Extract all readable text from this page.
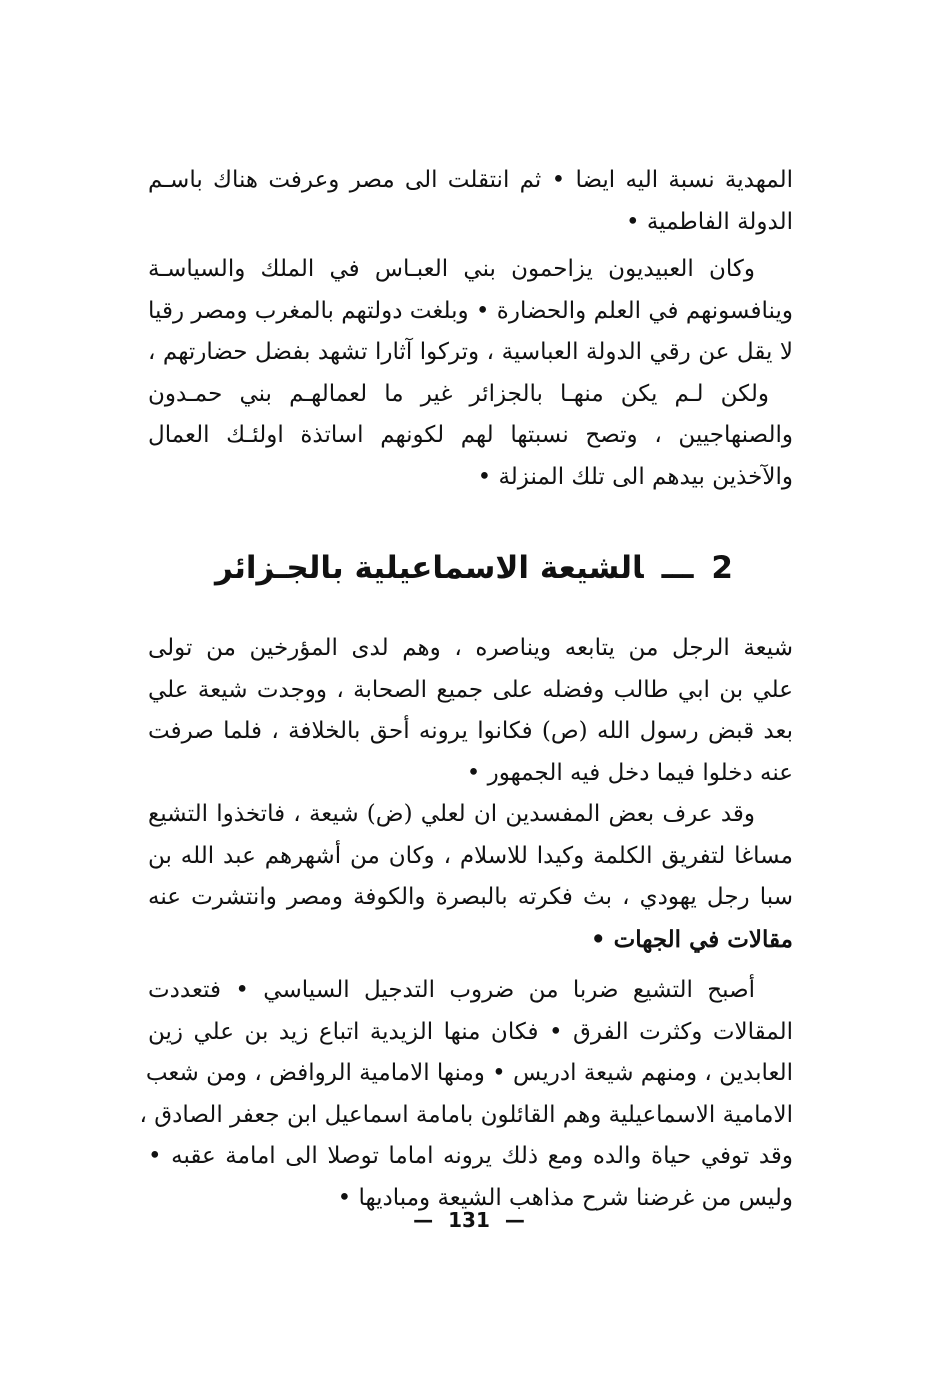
المهدية نسبة اليه ايضا • ثم انتقلت الى مصر وعرفت هناك باسـم
الدولة الفاطمية •
وكان العبيديون يزاحمون بني العبـاس في الملك والسياسـة
وينافسونهم في العلم والحضارة • وبلغت دولتهم بالمغرب ومصر رقيا
لا يقل عن رقي الدولة العباسية ، وتركوا آثارا تشهد بفضل حضارتهم ،
ولكن لـم يكن منهـا بالجزائر غير ما لعمالهـم بني حمـدون
والصنهاجيين ، وتصح نسبتها لهم لكونهم اساتذة اولئـك العمال
والآخذين بيدهم الى تلك المنزلة •
2ـــالشيعة الاسماعيلية بالجـزائر
شيعة الرجل من يتابعه ويناصره ، وهم لدى المؤرخين من تولى
علي بن ابي طالب وفضله على جميع الصحابة ، ووجدت شيعة علي
بعد قبض رسول الله (ص) فكانوا يرونه أحق بالخلافة ، فلما صرفت
عنه دخلوا فيما دخل فيه الجمهور •
وقد عرف بعض المفسدين ان لعلي (ض) شيعة ، فاتخذوا التشيع
مساغا لتفريق الكلمة وكيدا للاسلام ، وكان من أشهرهم عبد الله بن
سبا رجل يهودي ، بث فكرته بالبصرة والكوفة ومصر وانتشرت عنه
مقالات في الجهات •
أصبح التشيع ضربا من ضروب التدجيل السياسي • فتعددت
المقالات وكثرت الفرق • فكان منها الزيدية اتباع زيد بن علي زين
العابدين ، ومنهم شيعة ادريس • ومنها الامامية الروافض ، ومن شعب
الامامية الاسماعيلية وهم القائلون بامامة اسماعيل ابن جعفر الصادق ،
وقد توفي حياة والده ومع ذلك يرونه اماما توصلا الى امامة عقبه •
وليس من غرضنا شرح مذاهب الشيعة ومباديها •
— 131 —
